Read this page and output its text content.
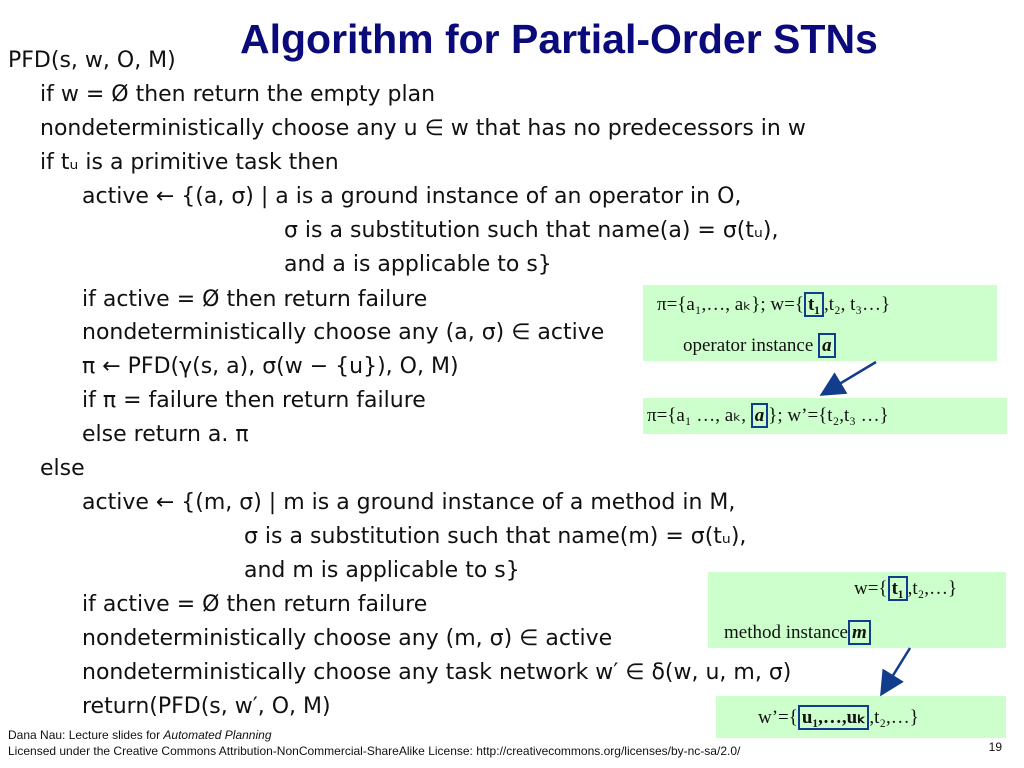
Algorithm for Partial-Order STNs
PFD(s, w, O, M)
if w = Ø then return the empty plan
nondeterministically choose any u ∈ w that has no predecessors in w
if tᵤ is a primitive task then
active ← {(a, σ) | a is a ground instance of an operator in O,
σ is a substitution such that name(a) = σ(tᵤ),
and a is applicable to s}
if active = Ø then return failure
nondeterministically choose any (a, σ) ∈ active
π ← PFD(γ(s, a), σ(w − {u}), O, M)
if π = failure then return failure
else return a. π
else
active ← {(m, σ) | m is a ground instance of a method in M,
σ is a substitution such that name(m) = σ(tᵤ),
and m is applicable to s}
if active = Ø then return failure
nondeterministically choose any (m, σ) ∈ active
nondeterministically choose any task network w′ ∈ δ(w, u, m, σ)
return(PFD(s, w′, O, M)
π={a₁,…, aₖ}; w={ t₁ ,t₂, t₃…}
operator instance a
π={a₁ …, aₖ, a }; w’={t₂,t₃ …}
w={ t₁ ,t₂,…}
method instance m
w’={ u₁,…,uₖ ,t₂,…}
Dana Nau: Lecture slides for Automated Planning
Licensed under the Creative Commons Attribution-NonCommercial-ShareAlike License: http://creativecommons.org/licenses/by-nc-sa/2.0/	19
